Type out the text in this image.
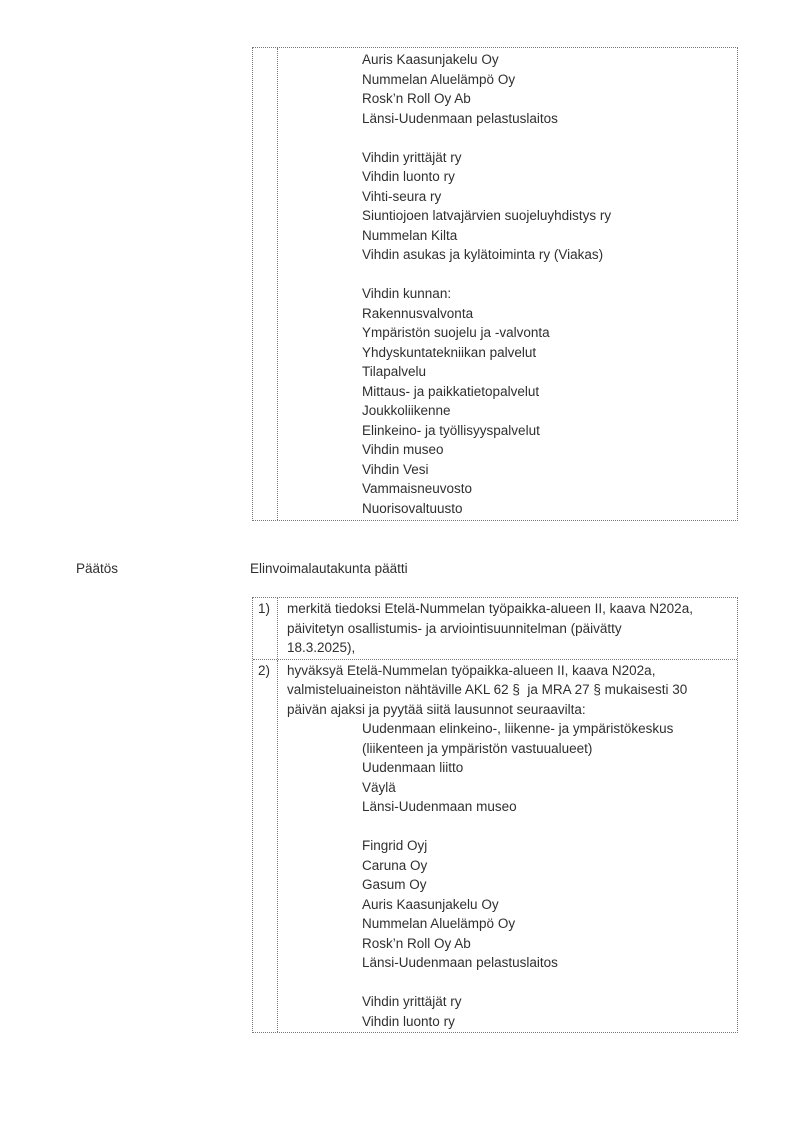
Auris Kaasunjakelu Oy
Nummelan Aluelämpö Oy
Rosk’n Roll Oy Ab
Länsi-Uudenmaan pelastuslaitos

Vihdin yrittäjät ry
Vihdin luonto ry
Vihti-seura ry
Siuntiojoen latvajärvien suojeluyhdistys ry
Nummelan Kilta
Vihdin asukas ja kylätoiminta ry (Viakas)

Vihdin kunnan:
Rakennusvalvonta
Ympäristön suojelu ja -valvonta
Yhdyskuntatekniikan palvelut
Tilapalvelu
Mittaus- ja paikkatietopalvelut
Joukkoliikenne
Elinkeino- ja työllisyyspalvelut
Vihdin museo
Vihdin Vesi
Vammaisneuvosto
Nuorisovaltuusto
Päätös	Elinvoimalautakunta päätti
1)	merkitä tiedoksi Etelä-Nummelan työpaikka-alueen II, kaava N202a,
päivitetyn osallistumis- ja arviointisuunnitelman (päivätty
18.3.2025),
2)	hyväksyä Etelä-Nummelan työpaikka-alueen II, kaava N202a,
valmisteluaineiston nähtäville AKL 62 §  ja MRA 27 § mukaisesti 30
päivän ajaksi ja pyytää siitä lausunnot seuraavilta:
Uudenmaan elinkeino-, liikenne- ja ympäristökeskus
(liikenteen ja ympäristön vastuualueet)
Uudenmaan liitto
Väylä
Länsi-Uudenmaan museo

Fingrid Oyj
Caruna Oy
Gasum Oy
Auris Kaasunjakelu Oy
Nummelan Aluelämpö Oy
Rosk’n Roll Oy Ab
Länsi-Uudenmaan pelastuslaitos

Vihdin yrittäjät ry
Vihdin luonto ry
